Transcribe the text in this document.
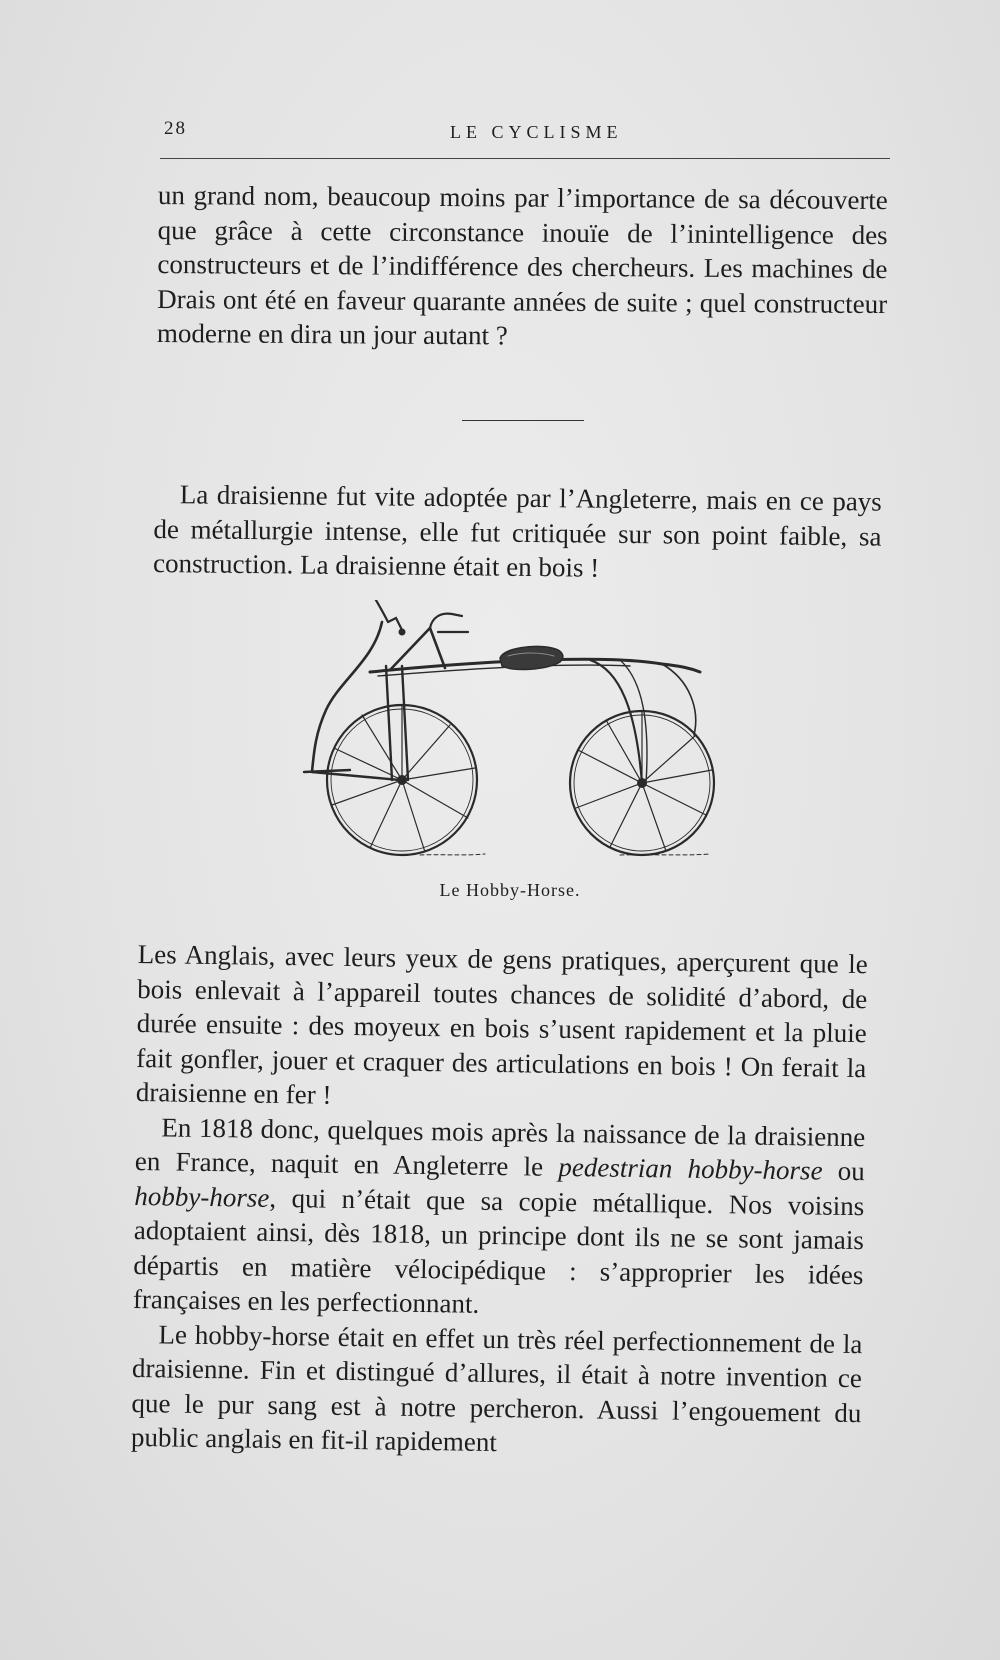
28	LE CYCLISME

un grand nom, beaucoup moins par l’importance de sa découverte que grâce à cette circonstance inouïe de l’inintelligence des constructeurs et de l’indifférence des chercheurs. Les machines de Drais ont été en faveur quarante années de suite ; quel constructeur moderne en dira un jour autant ?

La draisienne fut vite adoptée par l’Angleterre, mais en ce pays de métallurgie intense, elle fut critiquée sur son point faible, sa construction. La draisienne était en bois !

Le Hobby-Horse.

Les Anglais, avec leurs yeux de gens pratiques, aperçurent que le bois enlevait à l’appareil toutes chances de solidité d’abord, de durée ensuite : des moyeux en bois s’usent rapidement et la pluie fait gonfler, jouer et craquer des articulations en bois ! On ferait la draisienne en fer !

En 1818 donc, quelques mois après la naissance de la draisienne en France, naquit en Angleterre le pedestrian hobby-horse ou hobby-horse, qui n’était que sa copie métallique. Nos voisins adoptaient ainsi, dès 1818, un principe dont ils ne se sont jamais départis en matière vélocipédique : s’approprier les idées françaises en les perfectionnant.

Le hobby-horse était en effet un très réel perfectionnement de la draisienne. Fin et distingué d’allures, il était à notre invention ce que le pur sang est à notre percheron. Aussi l’engouement du public anglais en fit-il rapidement
